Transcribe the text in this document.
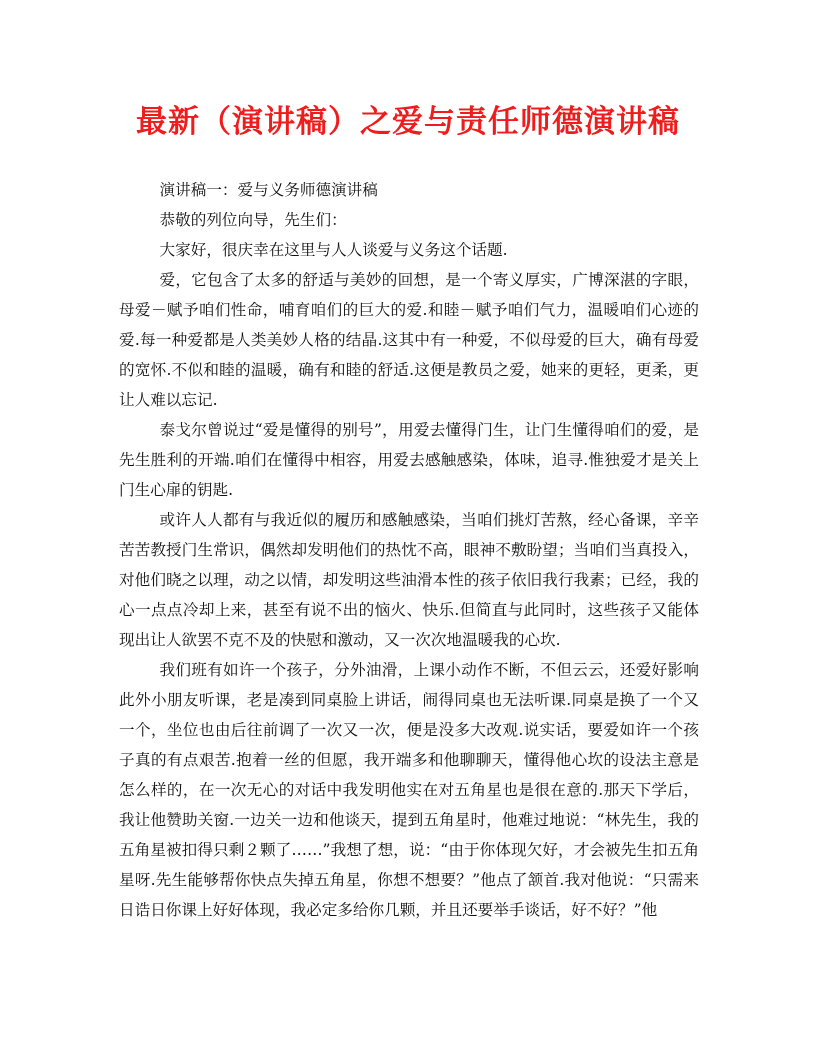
最新（演讲稿）之爱与责任师德演讲稿

演讲稿一：爱与义务师德演讲稿

恭敬的列位向导，先生们：

大家好，很庆幸在这里与人人谈爱与义务这个话题.

爱，它包含了太多的舒适与美妙的回想，是一个寄义厚实，广博深湛的字眼，母爱－赋予咱们性命，哺育咱们的巨大的爱.和睦－赋予咱们气力，温暖咱们心迹的爱.每一种爱都是人类美妙人格的结晶.这其中有一种爱，不似母爱的巨大，确有母爱的宽怀.不似和睦的温暖，确有和睦的舒适.这便是教员之爱，她来的更轻，更柔，更让人难以忘记.

泰戈尔曾说过“爱是懂得的别号”，用爱去懂得门生，让门生懂得咱们的爱，是先生胜利的开端.咱们在懂得中相容，用爱去感触感染，体味，追寻.惟独爱才是关上门生心扉的钥匙.

或许人人都有与我近似的履历和感触感染，当咱们挑灯苦熬，经心备课，辛辛苦苦教授门生常识，偶然却发明他们的热忱不高，眼神不敷盼望；当咱们当真投入，对他们晓之以理，动之以情，却发明这些油滑本性的孩子依旧我行我素；已经，我的心一点点冷却上来，甚至有说不出的恼火、快乐.但简直与此同时，这些孩子又能体现出让人欲罢不克不及的快慰和激动，又一次次地温暖我的心坎.

我们班有如许一个孩子，分外油滑，上课小动作不断，不但云云，还爱好影响此外小朋友听课，老是凑到同桌脸上讲话，闹得同桌也无法听课.同桌是换了一个又一个，坐位也由后往前调了一次又一次，便是没多大改观.说实话，要爱如许一个孩子真的有点艰苦.抱着一丝的但愿，我开端多和他聊聊天，懂得他心坎的设法主意是怎么样的，在一次无心的对话中我发明他实在对五角星也是很在意的.那天下学后，我让他赞助关窗.一边关一边和他谈天，提到五角星时，他难过地说：“林先生，我的五角星被扣得只剩２颗了……”我想了想，说：“由于你体现欠好，才会被先生扣五角星呀.先生能够帮你快点失掉五角星，你想不想要？”他点了颔首.我对他说：“只需来日诰日你课上好好体现，我必定多给你几颗，并且还要举手谈话，好不好？”他
